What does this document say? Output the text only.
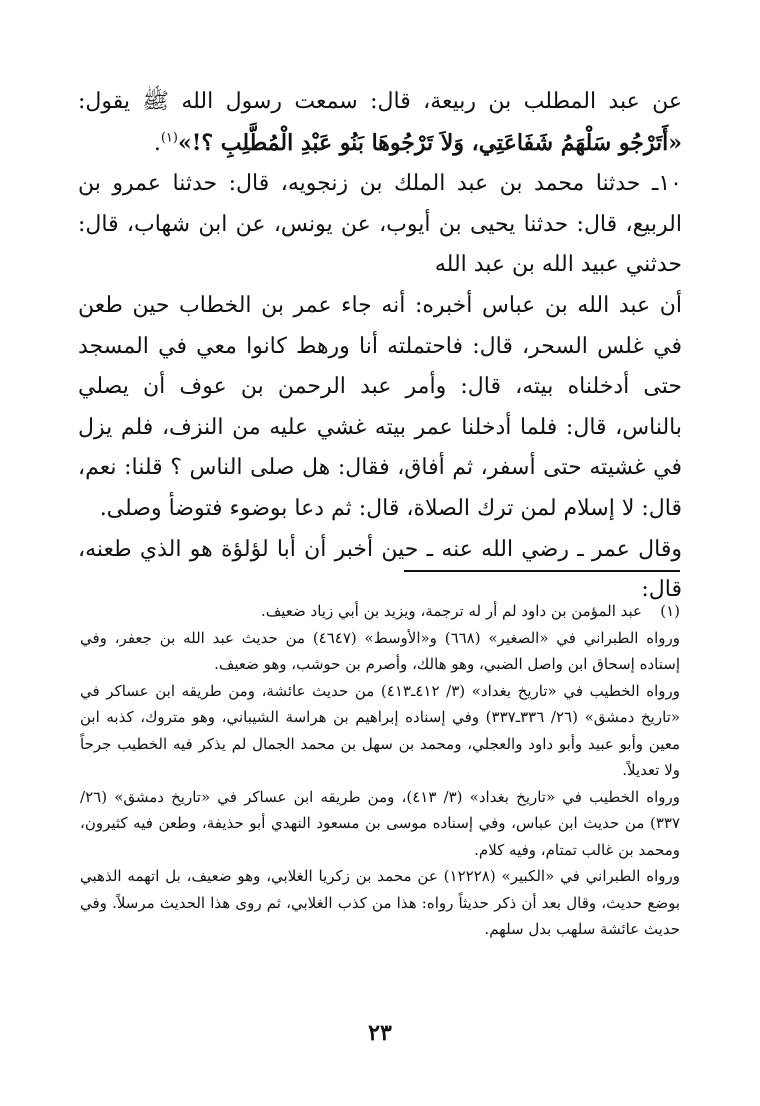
عن عبد المطلب بن ربيعة، قال: سمعت رسول الله ﷺ يقول: «أَتَرْجُو سَلْهَمُ شَفَاعَتِي، وَلاَ تَرْجُوهَا بَنُو عَبْدِ الْمُطَّلِبِ ؟!»$^{(١)}$.

١٠ـ حدثنا محمد بن عبد الملك بن زنجويه، قال: حدثنا عمرو بن الربيع، قال: حدثنا يحيى بن أيوب، عن يونس، عن ابن شهاب، قال: حدثني عبيد الله بن عبد الله

أن عبد الله بن عباس أخبره: أنه جاء عمر بن الخطاب حين طعن في غلس السحر، قال: فاحتملته أنا ورهط كانوا معي في المسجد حتى أدخلناه بيته، قال: وأمر عبد الرحمن بن عوف أن يصلي بالناس، قال: فلما أدخلنا عمر بيته غشي عليه من النزف، فلم يزل في غشيته حتى أسفر، ثم أفاق، فقال: هل صلى الناس ؟ قلنا: نعم، قال: لا إسلام لمن ترك الصلاة، قال: ثم دعا بوضوء فتوضأ وصلى.

وقال عمر ـ رضي الله عنه ـ حين أخبر أن أبا لؤلؤة هو الذي طعنه، قال:

(١)
عبد المؤمن بن داود لم أر له ترجمة، ويزيد بن أبي زياد ضعيف.
ورواه الطبراني في «الصغير» (٦٦٨) و«الأوسط» (٤٦٤٧) من حديث عبد الله بن جعفر، وفي إسناده إسحاق ابن واصل الضبي، وهو هالك، وأصرم بن حوشب، وهو ضعيف.
ورواه الخطيب في «تاريخ بغداد» (٣/ ٤١٢ـ٤١٣) من حديث عائشة، ومن طريقه ابن عساكر في «تاريخ دمشق» (٢٦/ ٣٣٦ـ٣٣٧) وفي إسناده إبراهيم بن هراسة الشيباني، وهو متروك، كذبه ابن معين وأبو عبيد وأبو داود والعجلي، ومحمد بن سهل بن محمد الجمال لم يذكر فيه الخطيب جرحاً ولا تعديلاً.
ورواه الخطيب في «تاريخ بغداد» (٣/ ٤١٣)، ومن طريقه ابن عساكر في «تاريخ دمشق» (٢٦/ ٣٣٧) من حديث ابن عباس، وفي إسناده موسى بن مسعود النهدي أبو حذيفة، وطعن فيه كثيرون، ومحمد بن غالب تمتام، وفيه كلام.
ورواه الطبراني في «الكبير» (١٢٢٢٨) عن محمد بن زكريا الغلابي، وهو ضعيف، بل اتهمه الذهبي بوضع حديث، وقال بعد أن ذكر حديثاً رواه: هذا من كذب الغلابي، ثم روى هذا الحديث مرسلاً. وفي حديث عائشة سلهب بدل سلهم.
٢٣
